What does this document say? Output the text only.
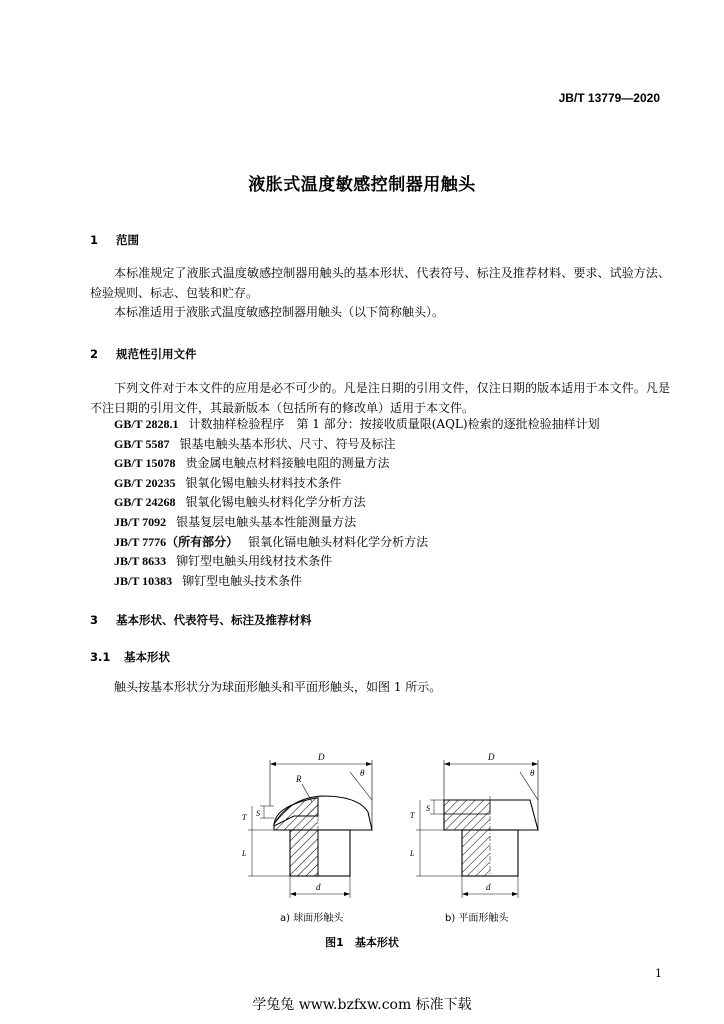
JB/T 13779—2020
液胀式温度敏感控制器用触头
1 范围
本标准规定了液胀式温度敏感控制器用触头的基本形状、代表符号、标注及推荐材料、要求、试验方法、检验规则、标志、包装和贮存。
本标准适用于液胀式温度敏感控制器用触头（以下简称触头）。
2 规范性引用文件
下列文件对于本文件的应用是必不可少的。凡是注日期的引用文件，仅注日期的版本适用于本文件。凡是不注日期的引用文件，其最新版本（包括所有的修改单）适用于本文件。
GB/T 2828.1 计数抽样检验程序　第 1 部分：按接收质量限(AQL)检索的逐批检验抽样计划
GB/T 5587 银基电触头基本形状、尺寸、符号及标注
GB/T 15078 贵金属电触点材料接触电阻的测量方法
GB/T 20235 银氧化锡电触头材料技术条件
GB/T 24268 银氧化锡电触头材料化学分析方法
JB/T 7092 银基复层电触头基本性能测量方法
JB/T 7776（所有部分） 银氧化镉电触头材料化学分析方法
JB/T 8633 铆钉型电触头用线材技术条件
JB/T 10383 铆钉型电触头技术条件
3 基本形状、代表符号、标注及推荐材料
3.1 基本形状
触头按基本形状分为球面形触头和平面形触头，如图 1 所示。
D
R
θ
S
T
L
d
D
θ
S
T
L
d
a) 球面形触头	b) 平面形触头
图1　基本形状
1
学兔兔 www.bzfxw.com 标准下载
